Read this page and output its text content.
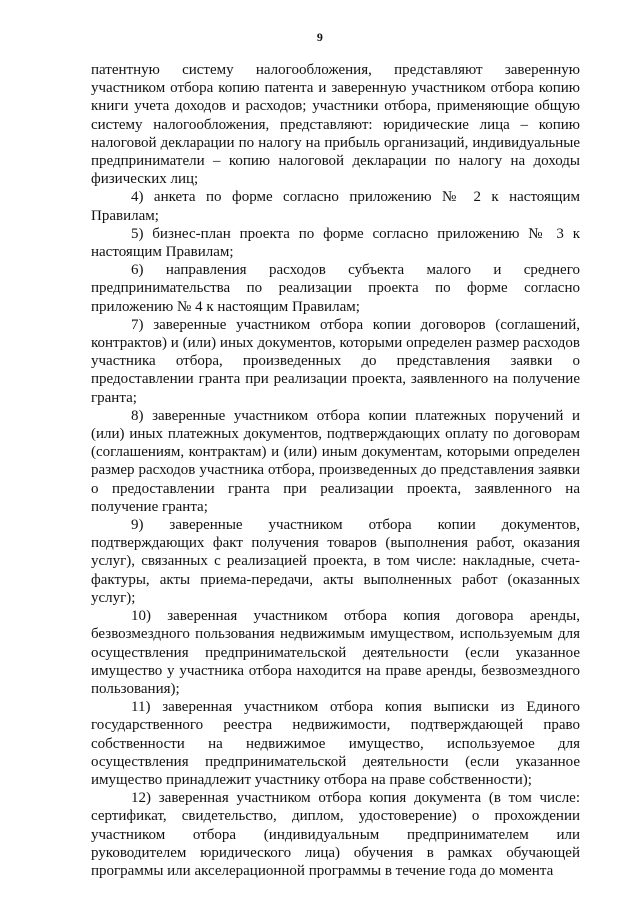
9

патентную систему налогообложения, представляют заверенную участником отбора копию патента и заверенную участником отбора копию книги учета доходов и расходов; участники отбора, применяющие общую систему налогообложения, представляют: юридические лица – копию налоговой декларации по налогу на прибыль организаций, индивидуальные предприниматели – копию налоговой декларации по налогу на доходы физических лиц;

4) анкета по форме согласно приложению № 2 к настоящим Правилам;

5) бизнес-план проекта по форме согласно приложению № 3 к настоящим Правилам;

6) направления расходов субъекта малого и среднего предпринимательства по реализации проекта по форме согласно приложению № 4 к настоящим Правилам;

7) заверенные участником отбора копии договоров (соглашений, контрактов) и (или) иных документов, которыми определен размер расходов участника отбора, произведенных до представления заявки о предоставлении гранта при реализации проекта, заявленного на получение гранта;

8) заверенные участником отбора копии платежных поручений и (или) иных платежных документов, подтверждающих оплату по договорам (соглашениям, контрактам) и (или) иным документам, которыми определен размер расходов участника отбора, произведенных до представления заявки о предоставлении гранта при реализации проекта, заявленного на получение гранта;

9) заверенные участником отбора копии документов, подтверждающих факт получения товаров (выполнения работ, оказания услуг), связанных с реализацией проекта, в том числе: накладные, счета-фактуры, акты приема-передачи, акты выполненных работ (оказанных услуг);

10) заверенная участником отбора копия договора аренды, безвозмездного пользования недвижимым имуществом, используемым для осуществления предпринимательской деятельности (если указанное имущество у участника отбора находится на праве аренды, безвозмездного пользования);

11) заверенная участником отбора копия выписки из Единого государственного реестра недвижимости, подтверждающей право собственности на недвижимое имущество, используемое для осуществления предпринимательской деятельности (если указанное имущество принадлежит участнику отбора на праве собственности);

12) заверенная участником отбора копия документа (в том числе: сертификат, свидетельство, диплом, удостоверение) о прохождении участником отбора (индивидуальным предпринимателем или руководителем юридического лица) обучения в рамках обучающей программы или акселерационной программы в течение года до момента
